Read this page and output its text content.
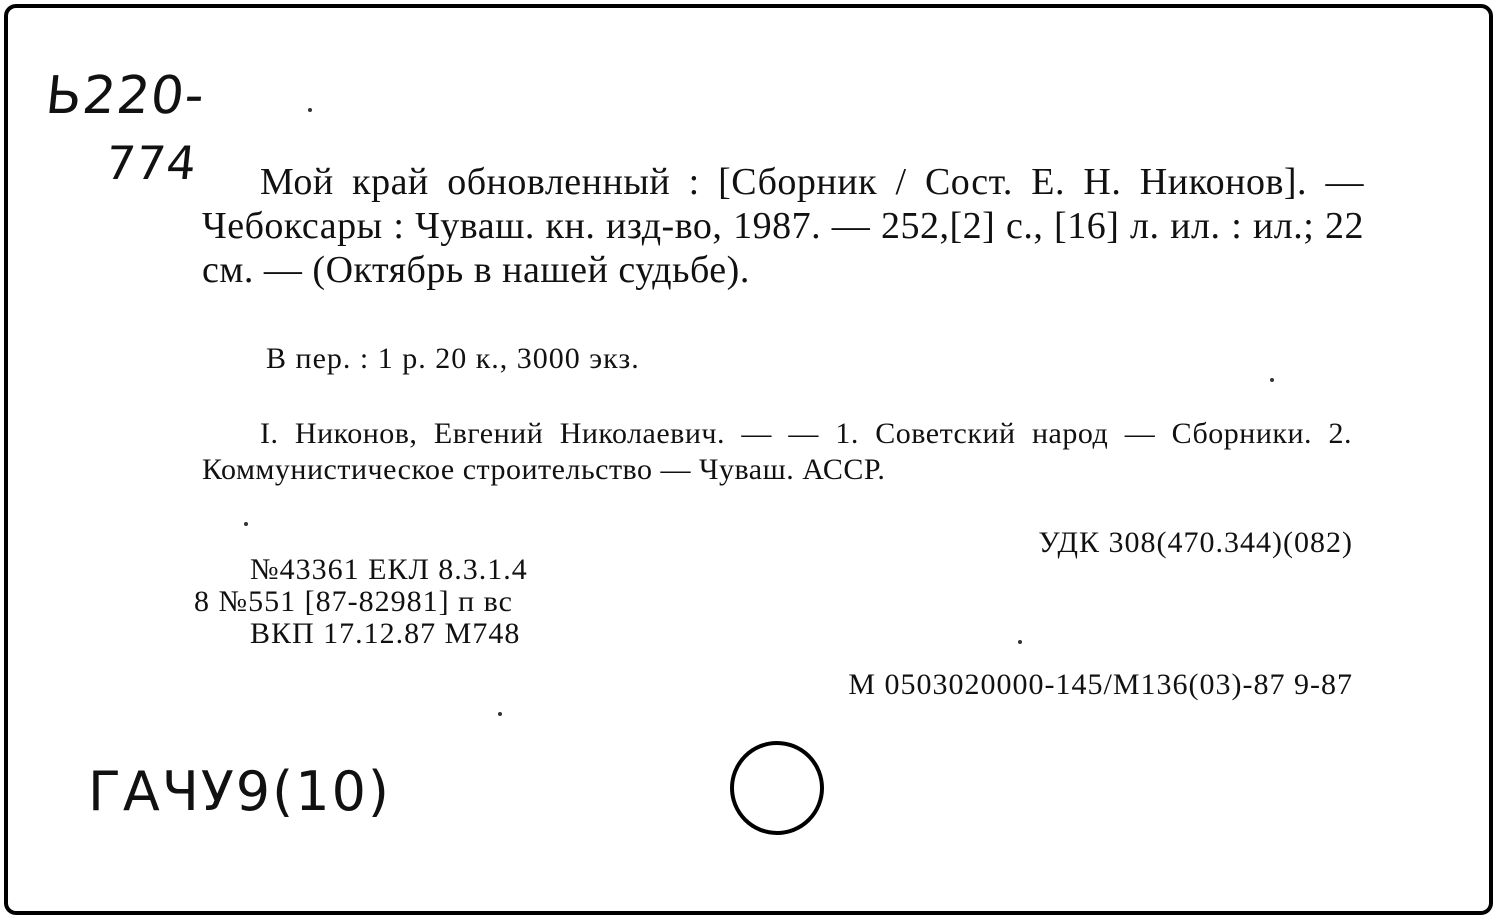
Ь220-
774	Мой край обновленный : [Сборник / Сост. Е. Н. Никонов]. — Чебоксары : Чуваш. кн. изд-во, 1987. — 252,[2] с., [16] л. ил. : ил.; 22 см. — (Октябрь в нашей судьбе).
В пер. : 1 р. 20 к., 3000 экз.
I. Никонов, Евгений Николаевич. — — 1. Советский народ — Сборники. 2. Коммунистическое строительство — Чуваш. АССР.
УДК 308(470.344)(082)
№43361 ЕКЛ 8.3.1.4
8 №551 [87-82981] п вс
ВКП 17.12.87 М748
М 0503020000-145/М136(03)-87 9-87
ГАЧУ9(10)
